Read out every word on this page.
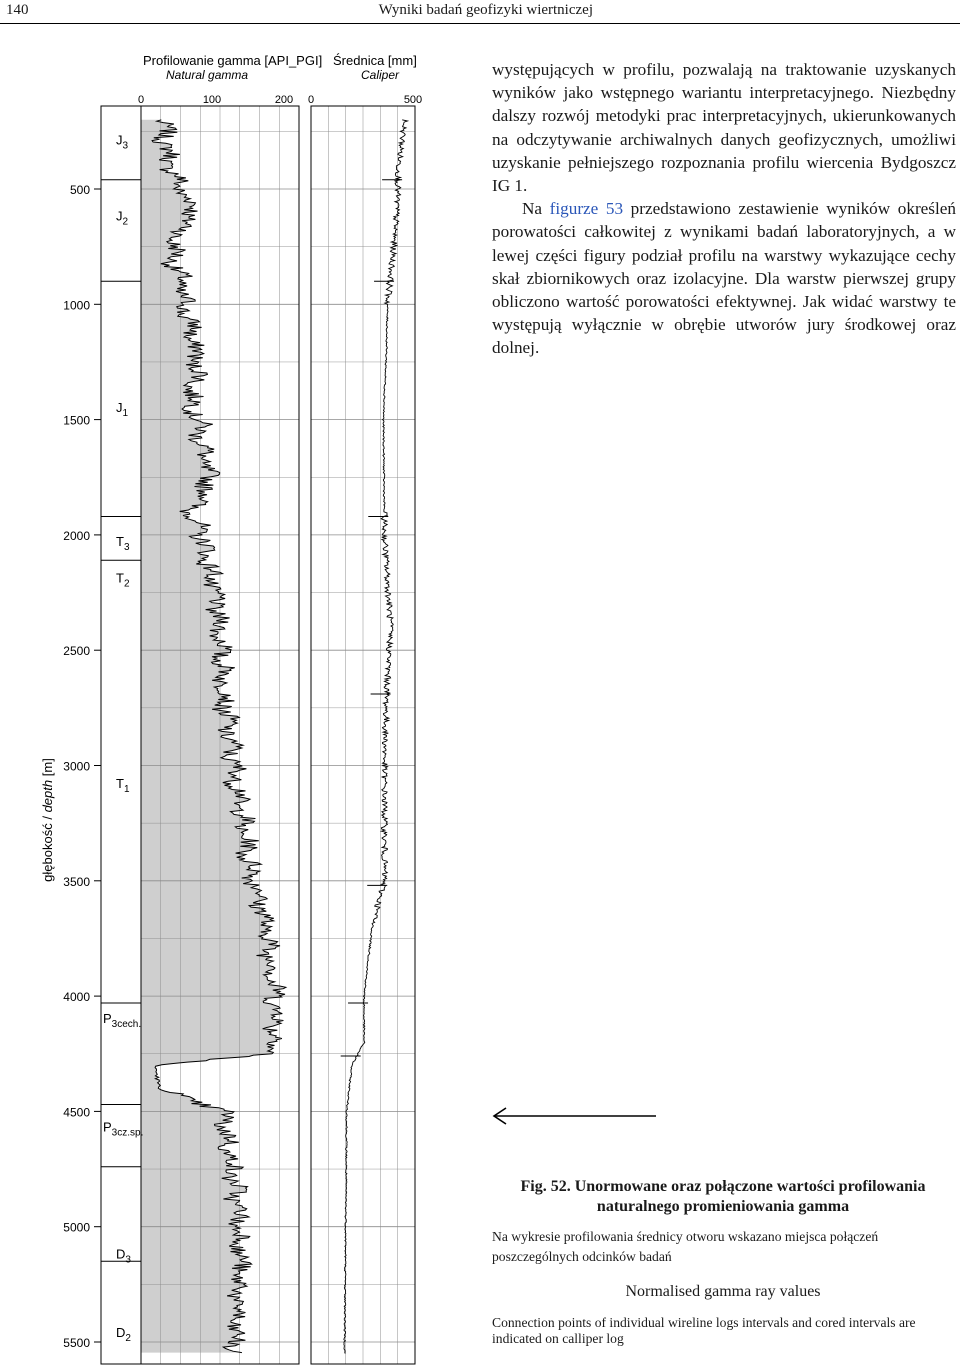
140	Wyniki badań geofizyki wiertniczej
Profilowanie gamma [API_PGI]
Natural gamma
Średnica [mm]
Caliper
0	100	200 0	500
500
1000
1500
2000
2500
3000
3500
4000
4500
5000
5500
$J_3$
$J_2$
$J_1$
$T_3$
$T_2$
$T_1$
$P_{3cech.}$
$P_{3cz.sp.}$
$D_3$
$D_2$
głębokość / depth [m]

występujących w profilu, pozwalają na traktowanie uzyskanych wyników jako wstępnego wariantu interpretacyjnego. Niezbędny dalszy rozwój metodyki prac interpretacyjnych, ukierunkowanych na odczytywanie archiwalnych danych geofizycznych, umożliwi uzyskanie pełniejszego rozpoznania profilu wiercenia Bydgoszcz IG 1.

Na figurze 53 przedstawiono zestawienie wyników określeń porowatości całkowitej z wynikami badań laboratoryjnych, a w lewej części figury podział profilu na warstwy wykazujące cechy skał zbiornikowych oraz izolacyjne. Dla warstw pierwszej grupy obliczono wartość porowatości efektywnej. Jak widać warstwy te występują wyłącznie w obrębie utworów jury środkowej oraz dolnej.

Fig. 52. Unormowane oraz połączone wartości profilowania naturalnego promieniowania gamma
Na wykresie profilowania średnicy otworu wskazano miejsca połączeń poszczególnych odcinków badań
Normalised gamma ray values
Connection points of individual wireline logs intervals and cored intervals are indicated on calliper log
